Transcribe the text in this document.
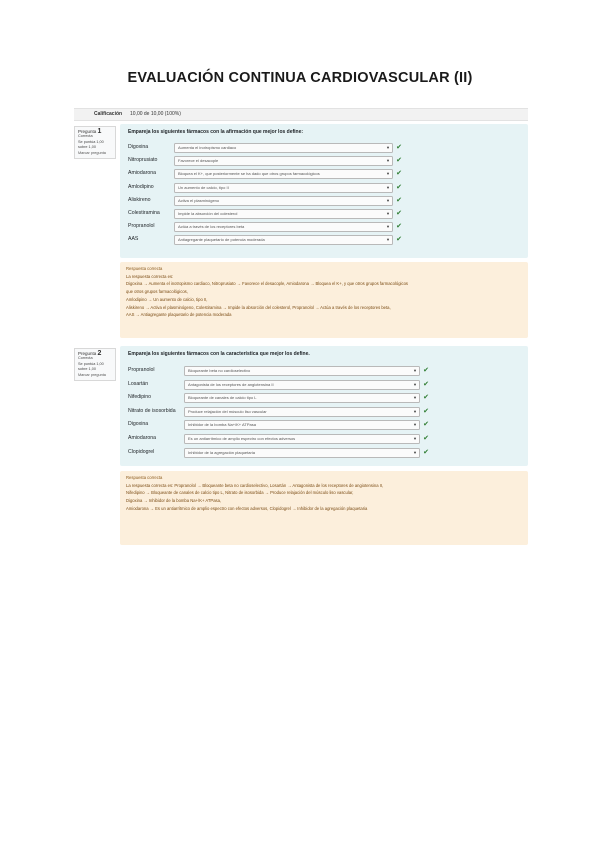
EVALUACIÓN CONTINUA CARDIOVASCULAR (II)
Calificación 10,00 de 10,00 (100%)
Pregunta 1
Correcta
Se puntúa 1,00 sobre 1,00
Marcar pregunta
Empareja los siguientes fármacos con la afirmación que mejor los define:
Digoxina	Aumenta el inotropismo cardiaco	▾ ✔
Nitroprusiato	Favorece el desacople	▾ ✔
Amiodarona	Bloquea el K+, que posteriormente se ha dado que otros grupos farmacológicos	▾ ✔
Amlodipino	Un aumento de calcio, tipo II	▾ ✔
Aliskireno	Activa el plasminógeno	▾ ✔
Colestiramina	Impide la absorción del colesterol	▾ ✔
Propranolol	Actúa a través de los receptores beta	▾ ✔
AAS	Antiagregante plaquetario de potencia moderada	▾ ✔

Respuesta correcta

La respuesta correcta es:

Digoxina → Aumenta el inotropismo cardiaco, Nitroprusiato → Favorece el desacople, Amiodarona → Bloquea el K+, y que otros grupos farmacológicos

que otros grupos farmacológicos,

Amlodipino → Un aumento de calcio, tipo II,

Aliskireno → Activa el plasminógeno, Colestiramina → Impide la absorción del colesterol, Propranolol → Actúa a través de los receptores beta,

AAS → Antiagregante plaquetario de potencia moderada

Pregunta 2
Correcta
Se puntúa 1,00 sobre 1,00
Marcar pregunta
Empareja los siguientes fármacos con la característica que mejor los define.
Propranolol	Bloqueante beta no cardioselectivo	▾ ✔
Losartán	Antagonista de los receptores de angiotensina II	▾ ✔
Nifedipino	Bloqueante de canales de calcio tipo L	▾ ✔
Nitrato de isosorbida	Produce relajación del músculo liso vascular	▾ ✔
Digoxina	Inhibidor de la bomba Na+/K+ ATPasa	▾ ✔
Amiodarona	Es un antiarrítmico de amplio espectro con efectos adversos	▾ ✔
Clopidogrel	Inhibidor de la agregación plaquetaria	▾ ✔

Respuesta correcta

La respuesta correcta es: Propranolol → Bloqueante beta no cardioselectivo, Losartán → Antagonista de los receptores de angiotensina II,

Nifedipino → Bloqueante de canales de calcio tipo L, Nitrato de isosorbida → Produce relajación del músculo liso vascular,

Digoxina → Inhibidor de la bomba Na+/K+ ATPasa,

Amiodarona → Es un antiarrítmico de amplio espectro con efectos adversos, Clopidogrel → Inhibidor de la agregación plaquetaria
